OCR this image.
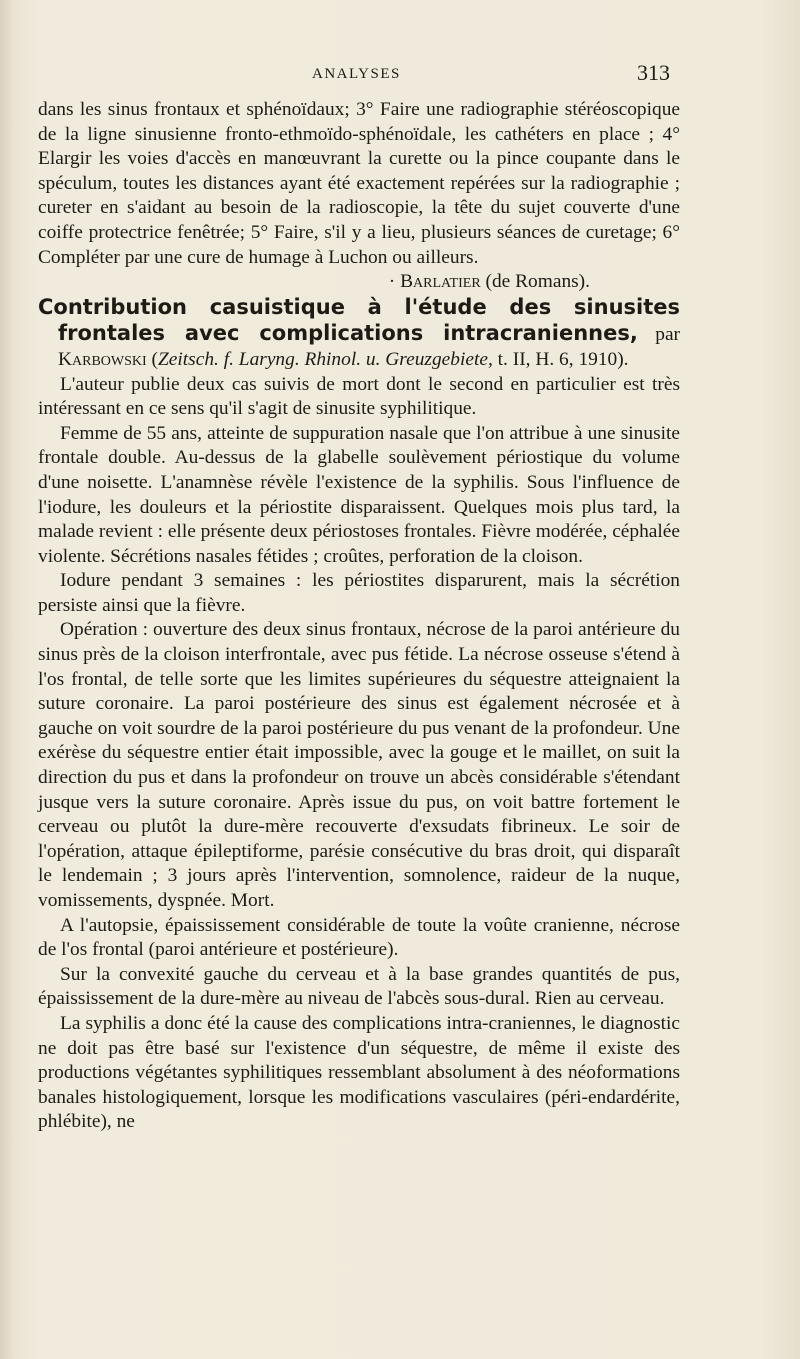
ANALYSES	313

dans les sinus frontaux et sphénoïdaux; 3° Faire une radiographie stéréoscopique de la ligne sinusienne fronto-ethmoïdo-sphénoïdale, les cathéters en place ; 4° Elargir les voies d'accès en manœuvrant la curette ou la pince coupante dans le spéculum, toutes les distances ayant été exactement repérées sur la radiographie ; cureter en s'aidant au besoin de la radioscopie, la tête du sujet couverte d'une coiffe protectrice fenêtrée; 5° Faire, s'il y a lieu, plusieurs séances de curetage; 6° Compléter par une cure de humage à Luchon ou ailleurs.

· Barlatier (de Romans).

Contribution casuistique à l'étude des sinusites frontales avec complications intracraniennes, par Karbowski (Zeitsch. f. Laryng. Rhinol. u. Greuzgebiete, t. II, H. 6, 1910).

L'auteur publie deux cas suivis de mort dont le second en particulier est très intéressant en ce sens qu'il s'agit de sinusite syphilitique.

Femme de 55 ans, atteinte de suppuration nasale que l'on attribue à une sinusite frontale double. Au-dessus de la glabelle soulèvement périostique du volume d'une noisette. L'anamnèse révèle l'existence de la syphilis. Sous l'influence de l'iodure, les douleurs et la périostite disparaissent. Quelques mois plus tard, la malade revient : elle présente deux périostoses frontales. Fièvre modérée, céphalée violente. Sécrétions nasales fétides ; croûtes, perforation de la cloison.

Iodure pendant 3 semaines : les périostites disparurent, mais la sécrétion persiste ainsi que la fièvre.

Opération : ouverture des deux sinus frontaux, nécrose de la paroi antérieure du sinus près de la cloison interfrontale, avec pus fétide. La nécrose osseuse s'étend à l'os frontal, de telle sorte que les limites supérieures du séquestre atteignaient la suture coronaire. La paroi postérieure des sinus est également nécrosée et à gauche on voit sourdre de la paroi postérieure du pus venant de la profondeur. Une exérèse du séquestre entier était impossible, avec la gouge et le maillet, on suit la direction du pus et dans la profondeur on trouve un abcès considérable s'étendant jusque vers la suture coronaire. Après issue du pus, on voit battre fortement le cerveau ou plutôt la dure-mère recouverte d'exsudats fibrineux. Le soir de l'opération, attaque épileptiforme, parésie consécutive du bras droit, qui disparaît le lendemain ; 3 jours après l'intervention, somnolence, raideur de la nuque, vomissements, dyspnée. Mort.

A l'autopsie, épaississement considérable de toute la voûte cranienne, nécrose de l'os frontal (paroi antérieure et postérieure).

Sur la convexité gauche du cerveau et à la base grandes quantités de pus, épaississement de la dure-mère au niveau de l'abcès sous-dural. Rien au cerveau.

La syphilis a donc été la cause des complications intra-craniennes, le diagnostic ne doit pas être basé sur l'existence d'un séquestre, de même il existe des productions végétantes syphilitiques ressemblant absolument à des néoformations banales histologiquement, lorsque les modifications vasculaires (péri-endardérite, phlébite), ne
